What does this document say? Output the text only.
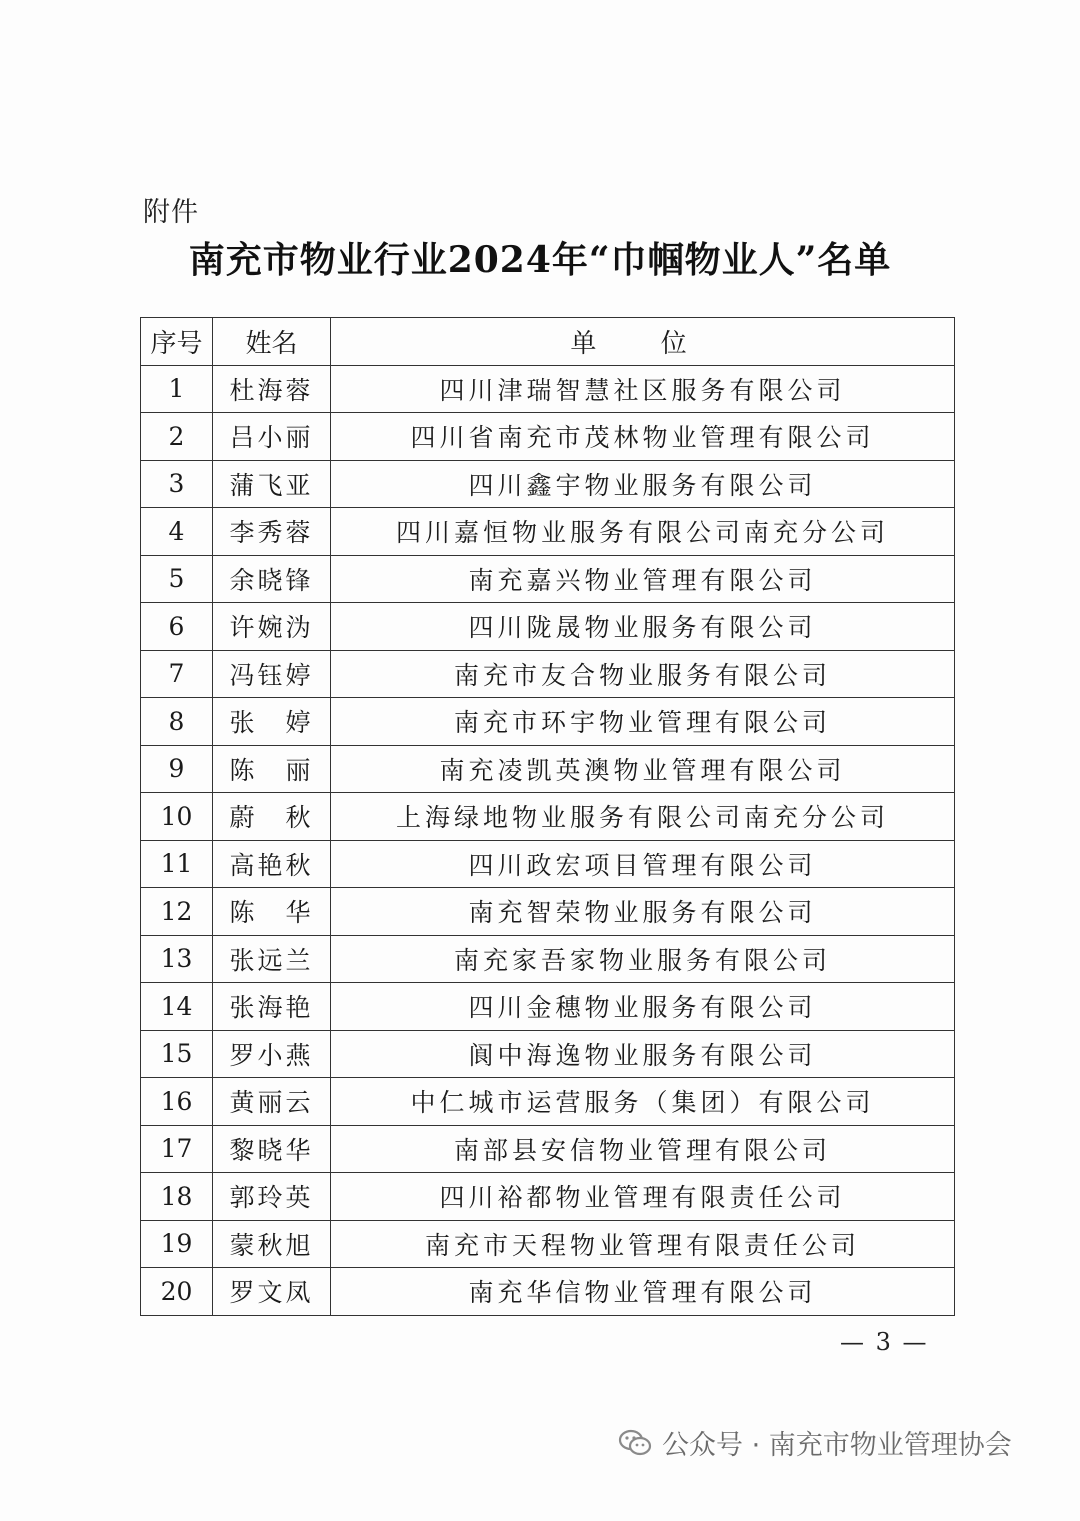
附件
南充市物业行业2024年“巾帼物业人”名单
序号	姓名	单 位
1	杜海蓉	四川津瑞智慧社区服务有限公司
2	吕小丽	四川省南充市茂林物业管理有限公司
3	蒲飞亚	四川鑫宇物业服务有限公司
4	李秀蓉	四川嘉恒物业服务有限公司南充分公司
5	余晓锋	南充嘉兴物业管理有限公司
6	许婉沩	四川陇晟物业服务有限公司
7	冯钰婷	南充市友合物业服务有限公司
8	张　婷	南充市环宇物业管理有限公司
9	陈　丽	南充凌凯英澳物业管理有限公司
10	蔚　秋	上海绿地物业服务有限公司南充分公司
11	高艳秋	四川政宏项目管理有限公司
12	陈　华	南充智荣物业服务有限公司
13	张远兰	南充家吾家物业服务有限公司
14	张海艳	四川金穗物业服务有限公司
15	罗小燕	阆中海逸物业服务有限公司
16	黄丽云	中仁城市运营服务（集团）有限公司
17	黎晓华	南部县安信物业管理有限公司
18	郭玲英	四川裕都物业管理有限责任公司
19	蒙秋旭	南充市天程物业管理有限责任公司
20	罗文凤	南充华信物业管理有限公司
— 3 —
公众号 · 南充市物业管理协会
